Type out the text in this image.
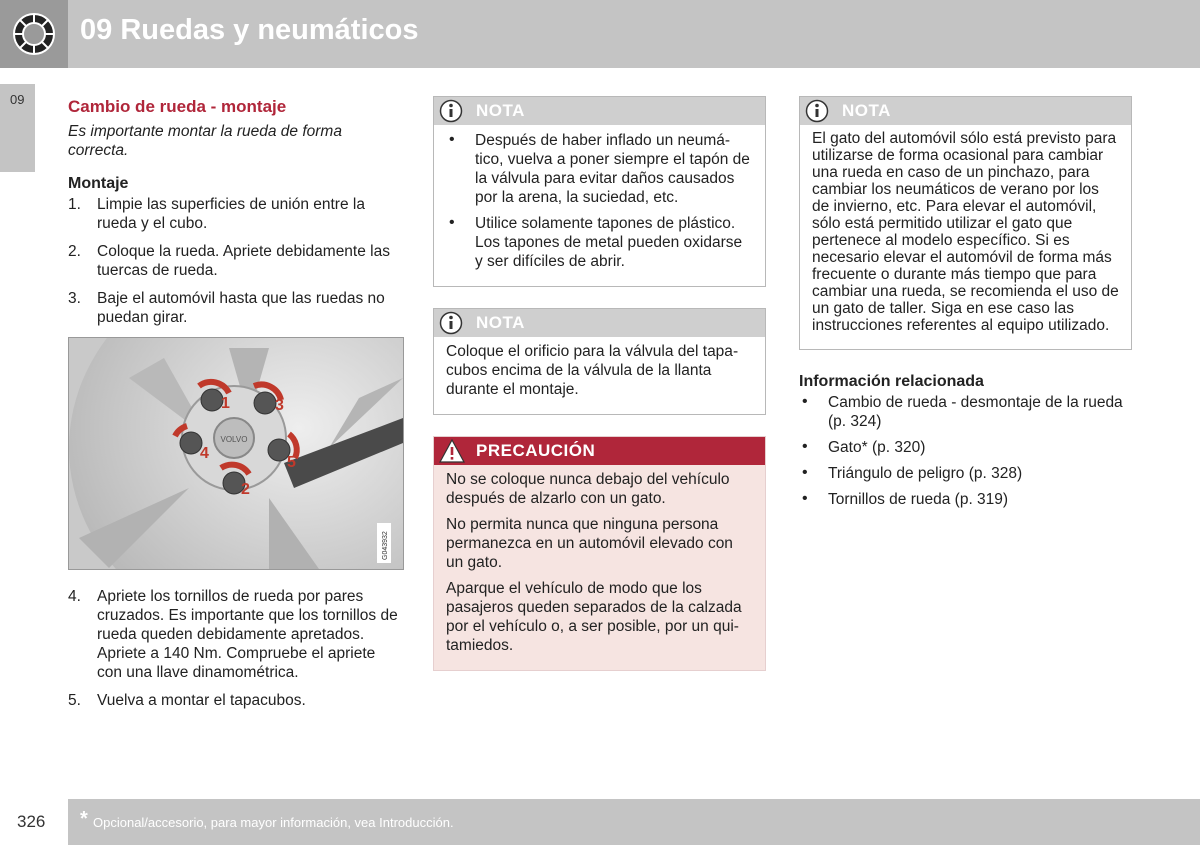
09 Ruedas y neumáticos
09	Cambio de rueda - montaje
Es importante montar la rueda de forma correcta.
Montaje
1. Limpie las superficies de unión entre la rueda y el cubo.
2. Coloque la rueda. Apriete debidamente las tuercas de rueda.
3. Baje el automóvil hasta que las ruedas no puedan girar.
VOLVO
1
2
3
4
5
G043932
4. Apriete los tornillos de rueda por pares cruzados. Es importante que los tornillos de rueda queden debidamente apretados. Apriete a 140 Nm. Compruebe el apriete con una llave dinamométrica.
5. Vuelva a montar el tapacubos.
NOTA
• Después de haber inflado un neumático, vuelva a poner siempre el tapón de la válvula para evitar daños causados por la arena, la suciedad, etc.
• Utilice solamente tapones de plástico. Los tapones de metal pueden oxidarse y ser difíciles de abrir.
NOTA

Coloque el orificio para la válvula del tapacubos encima de la válvula de la llanta durante el montaje.

PRECAUCIÓN

No se coloque nunca debajo del vehículo después de alzarlo con un gato.

No permita nunca que ninguna persona permanezca en un automóvil elevado con un gato.

Aparque el vehículo de modo que los pasajeros queden separados de la calzada por el vehículo o, a ser posible, por un quitamiedos.

NOTA

El gato del automóvil sólo está previsto para utilizarse de forma ocasional para cambiar una rueda en caso de un pinchazo, para cambiar los neumáticos de verano por los de invierno, etc. Para elevar el automóvil, sólo está permitido utilizar el gato que pertenece al modelo específico. Si es necesario elevar el automóvil de forma más frecuente o durante más tiempo que para cambiar una rueda, se recomienda el uso de un gato de taller. Siga en ese caso las instrucciones referentes al equipo utilizado.

Información relacionada
• Cambio de rueda - desmontaje de la rueda (p. 324)
• Gato* (p. 320)
• Triángulo de peligro (p. 328)
• Tornillos de rueda (p. 319)
326 * Opcional/accesorio, para mayor información, vea Introducción.
